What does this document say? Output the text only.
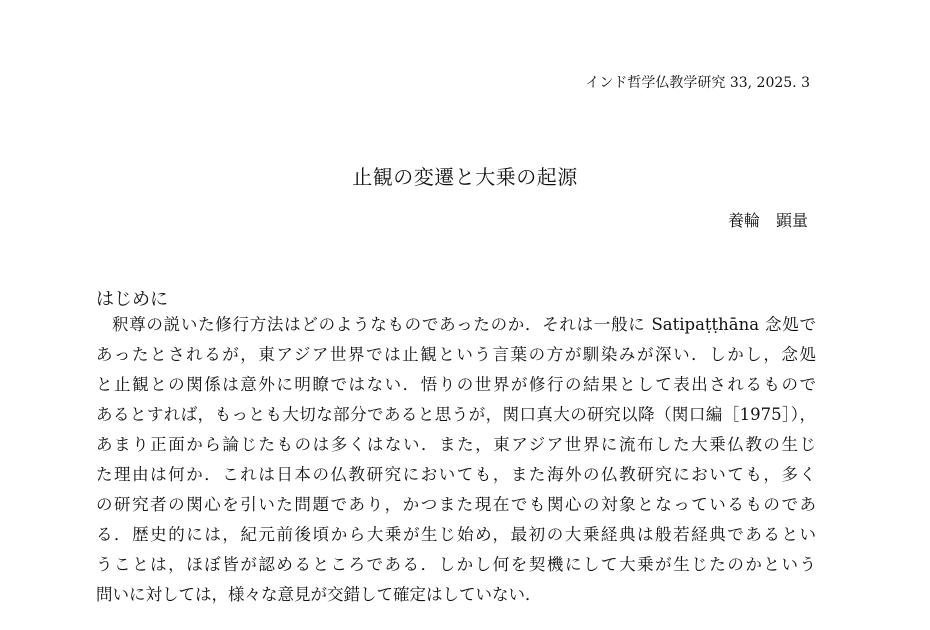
インド哲学仏教学研究 33, 2025. 3
止観の変遷と大乗の起源
養輪　顕量
はじめに
釈尊の説いた修行方法はどのようなものであったのか．それは一般に Satipaṭṭhāna 念処で
あったとされるが，東アジア世界では止観という言葉の方が馴染みが深い．しかし，念処
と止観との関係は意外に明瞭ではない．悟りの世界が修行の結果として表出されるもので
あるとすれば，もっとも大切な部分であると思うが，関口真大の研究以降（関口編［1975］），
あまり正面から論じたものは多くはない．また，東アジア世界に流布した大乗仏教の生じ
た理由は何か．これは日本の仏教研究においても，また海外の仏教研究においても，多く
の研究者の関心を引いた問題であり，かつまた現在でも関心の対象となっているものであ
る．歴史的には，紀元前後頃から大乗が生じ始め，最初の大乗経典は般若経典であるとい
うことは，ほぼ皆が認めるところである．しかし何を契機にして大乗が生じたのかという
問いに対しては，様々な意見が交錯して確定はしていない．
